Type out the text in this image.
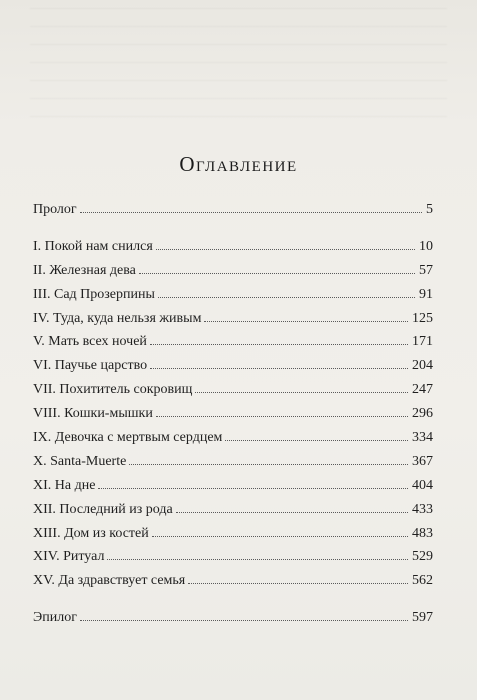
Оглавление
Пролог	5
I. Покой нам снился	10
II. Железная дева	57
III. Сад Прозерпины	91
IV. Туда, куда нельзя живым	125
V. Мать всех ночей	171
VI. Паучье царство	204
VII. Похититель сокровищ	247
VIII. Кошки-мышки	296
IX. Девочка с мертвым сердцем	334
X. Santa-Muerte	367
XI. На дне	404
XII. Последний из рода	433
XIII. Дом из костей	483
XIV. Ритуал	529
XV. Да здравствует семья	562
Эпилог	597
